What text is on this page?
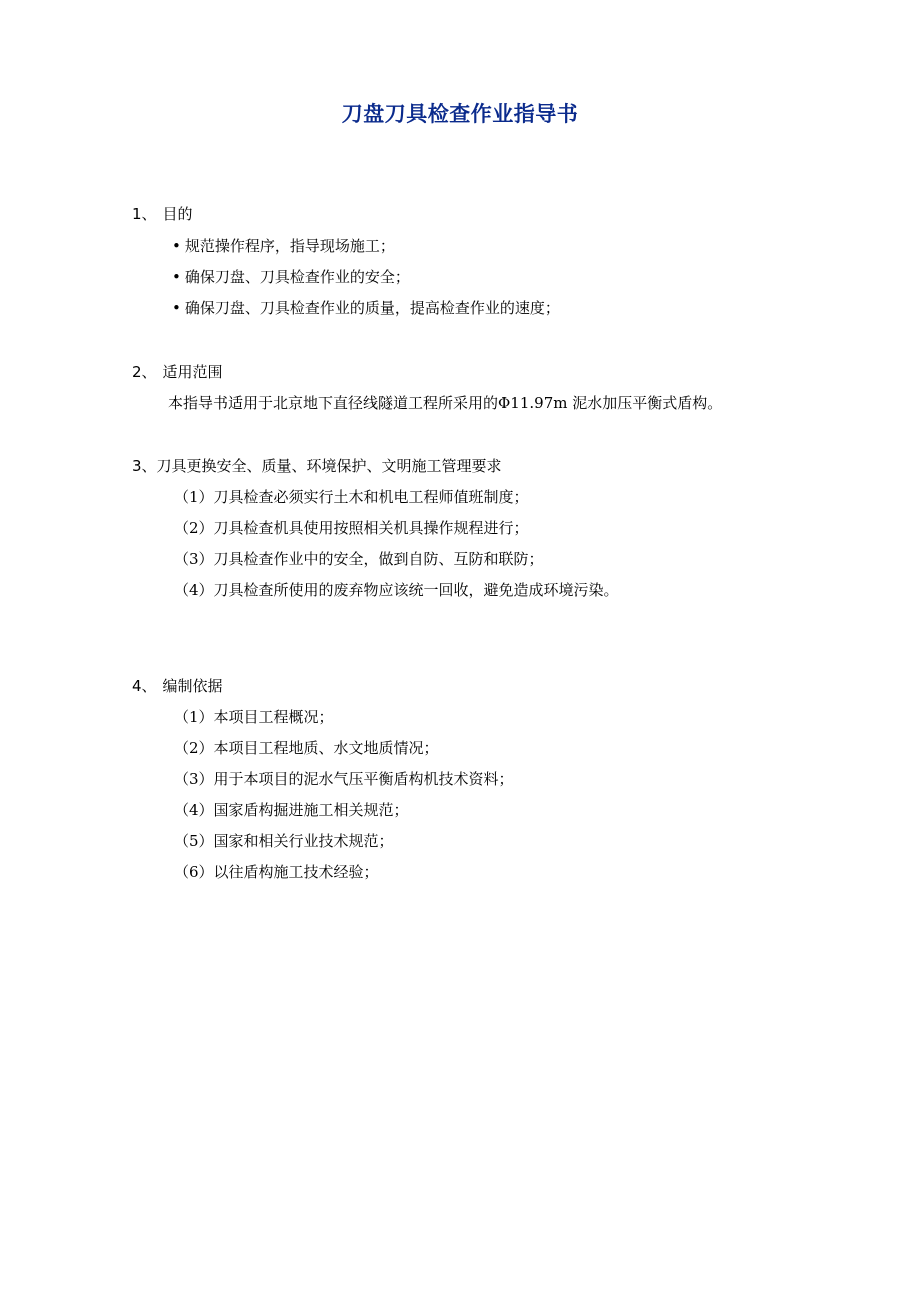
刀盘刀具检查作业指导书
1、 目的
• 规范操作程序，指导现场施工；
• 确保刀盘、刀具检查作业的安全；
• 确保刀盘、刀具检查作业的质量，提高检查作业的速度；
2、 适用范围
本指导书适用于北京地下直径线隧道工程所采用的Φ11.97m 泥水加压平衡式盾构。
3、刀具更换安全、质量、环境保护、文明施工管理要求
（1）刀具检查必须实行土木和机电工程师值班制度；
（2）刀具检查机具使用按照相关机具操作规程进行；
（3）刀具检查作业中的安全，做到自防、互防和联防；
（4）刀具检查所使用的废弃物应该统一回收，避免造成环境污染。
4、 编制依据
（1）本项目工程概况；
（2）本项目工程地质、水文地质情况；
（3）用于本项目的泥水气压平衡盾构机技术资料；
（4）国家盾构掘进施工相关规范；
（5）国家和相关行业技术规范；
（6）以往盾构施工技术经验；
